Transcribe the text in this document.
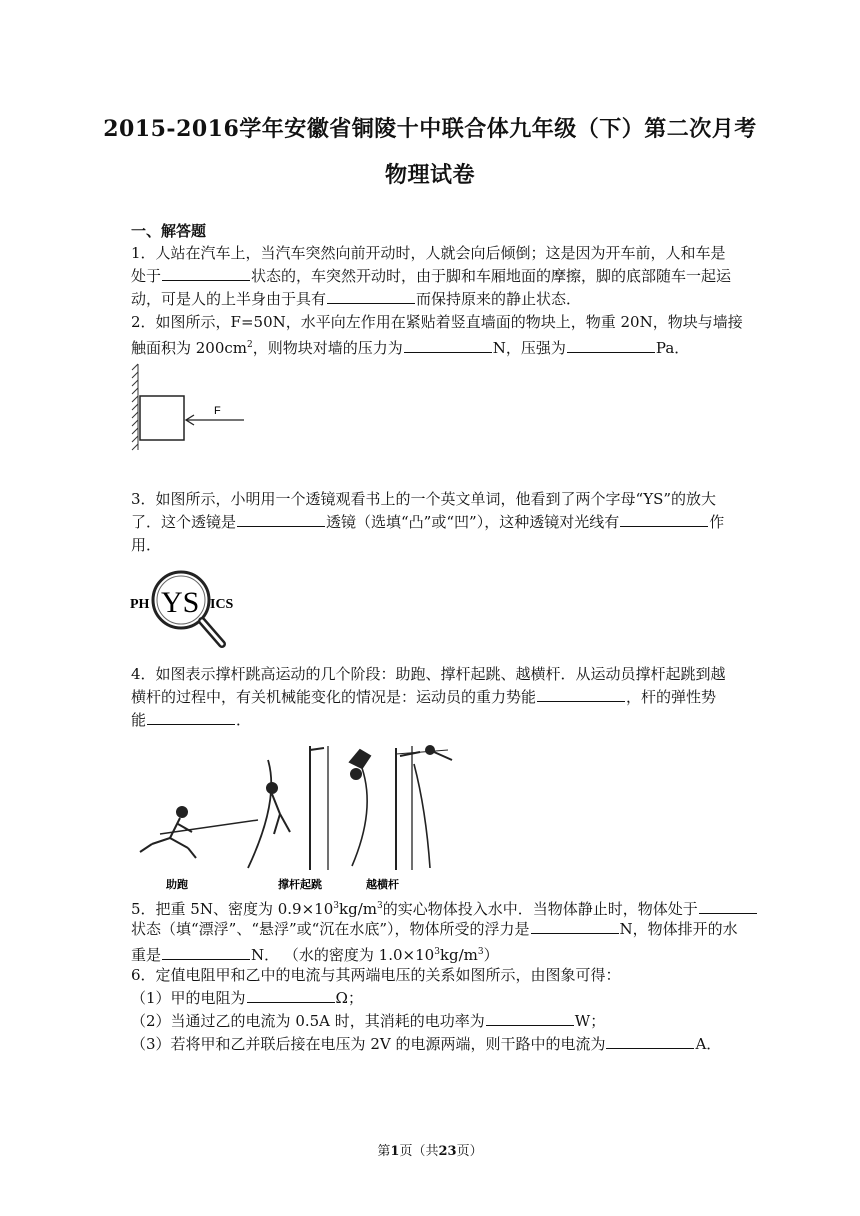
2015-2016学年安徽省铜陵十中联合体九年级（下）第二次月考
物理试卷
一、解答题
1．人站在汽车上，当汽车突然向前开动时，人就会向后倾倒；这是因为开车前，人和车是
处于	状态的，车突然开动时，由于脚和车厢地面的摩擦，脚的底部随车一起运
动，可是人的上半身由于具有	而保持原来的静止状态．
2．如图所示，F=50N，水平向左作用在紧贴着竖直墙面的物块上，物重 20N，物块与墙接
触面积为 $200cm^2$，则物块对墙的压力为	N，压强为	Pa．
F
3．如图所示，小明用一个透镜观看书上的一个英文单词，他看到了两个字母“YS”的放大
了．这个透镜是	透镜（选填“凸”或“凹”），这种透镜对光线有	作
用．
PH YS ICS
4．如图表示撑杆跳高运动的几个阶段：助跑、撑杆起跳、越横杆．从运动员撑杆起跳到越
横杆的过程中，有关机械能变化的情况是：运动员的重力势能	，杆的弹性势
能	．
助跑	撑杆起跳	越横杆
5．把重 5N、密度为 $0.9\times 10^3kg/m^3$的实心物体投入水中．当物体静止时，物体处于
状态（填“漂浮”、“悬浮”或“沉在水底”），物体所受的浮力是	N，物体排开的水
重是	N． （水的密度为 $1.0\times 10^3kg/m^3$）
6．定值电阻甲和乙中的电流与其两端电压的关系如图所示，由图象可得：
（1）甲的电阻为	Ω；
（2）当通过乙的电流为 0.5A 时，其消耗的电功率为	W；
（3）若将甲和乙并联后接在电压为 2V 的电源两端，则干路中的电流为	A．
第1页（共23页）
